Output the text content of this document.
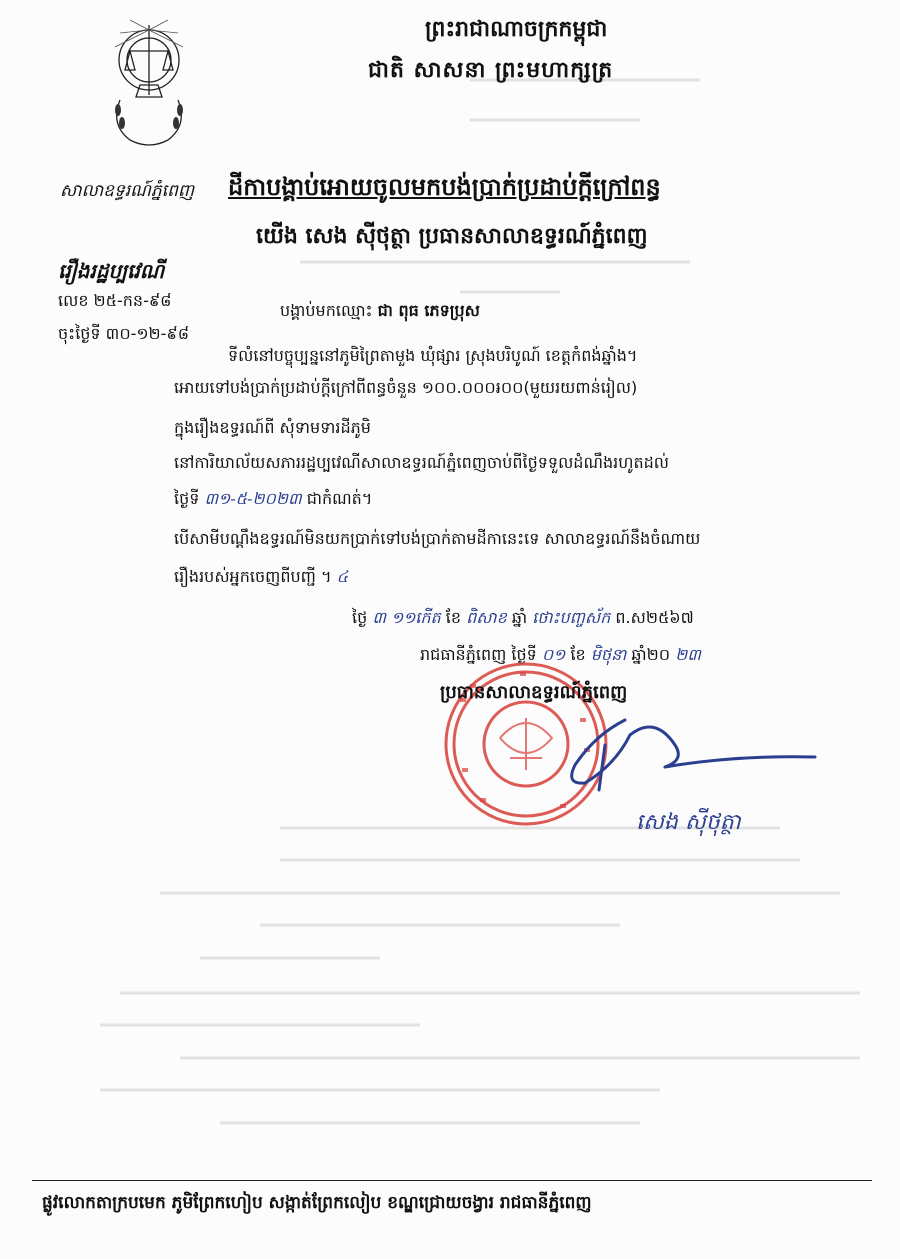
ព្រះរាជាណាចក្រកម្ពុជា
ជាតិ សាសនា ព្រះមហាក្សត្រ
សាលាឧទ្ធរណ៍ភ្នំពេញ ដីកាបង្គាប់អោយចូលមកបង់ប្រាក់ប្រដាប់ក្ដីក្រៅពន្ធ
យើង សេង ស៊ីថុត្ថា ប្រធានសាលាឧទ្ធរណ៍ភ្នំពេញ
រឿងរដ្ឋប្បវេណី
លេខ ២៥-កន-៩៨
ចុះថ្ងៃទី ៣០-១២-៩៨
បង្គាប់មកឈ្មោះ ជា ពុធ ភេទប្រុស
ទីលំនៅបច្ចុប្បន្ននៅភូមិព្រៃតាមួង ឃុំផ្សារ ស្រុងបរិបូណ៍ ខេត្តកំពង់ឆ្នាំង។
អោយទៅបង់ប្រាក់ប្រដាប់ក្ដីក្រៅពីពន្ធចំនួន ១០០.០០០៛០០(មួយរយពាន់រៀល)
ក្នុងរឿងឧទ្ធរណ៍ពី សុំទាមទារដីភូមិ
នៅការិយាល័យសភាររដ្ឋប្បវេណីសាលាឧទ្ធរណ៍ភ្នំពេញចាប់ពីថ្ងៃទទួលដំណឹងរហូតដល់
ថ្ងៃទី ៣១-៥-២០២៣ ជាកំណត់។
បើសាមីបណ្ដឹងឧទ្ធរណ៍មិនយកប្រាក់ទៅបង់ប្រាក់តាមដីកានេះទេ សាលាឧទ្ធរណ៍នឹងចំណាយ
រឿងរបស់អ្នកចេញពីបញ្ជី ។ ៤
ថ្ងៃ ៣ ១១កើត ខែ ពិសាខ ឆ្នាំ ថោះបញ្ចស័ក ព.ស២៥៦៧
រាជធានីភ្នំពេញ ថ្ងៃទី ០១ ខែ មិថុនា ឆ្នាំ២០ ២៣
ប្រធានសាលាឧទ្ធរណ៍ភ្នំពេញ
សេង ស៊ីថុត្ថា
ផ្លូវលោកតាក្របមេក ភូមិព្រែកហៀប សង្កាត់ព្រែកលៀប ខណ្ឌជ្រោយចង្វារ រាជធានីភ្នំពេញ
